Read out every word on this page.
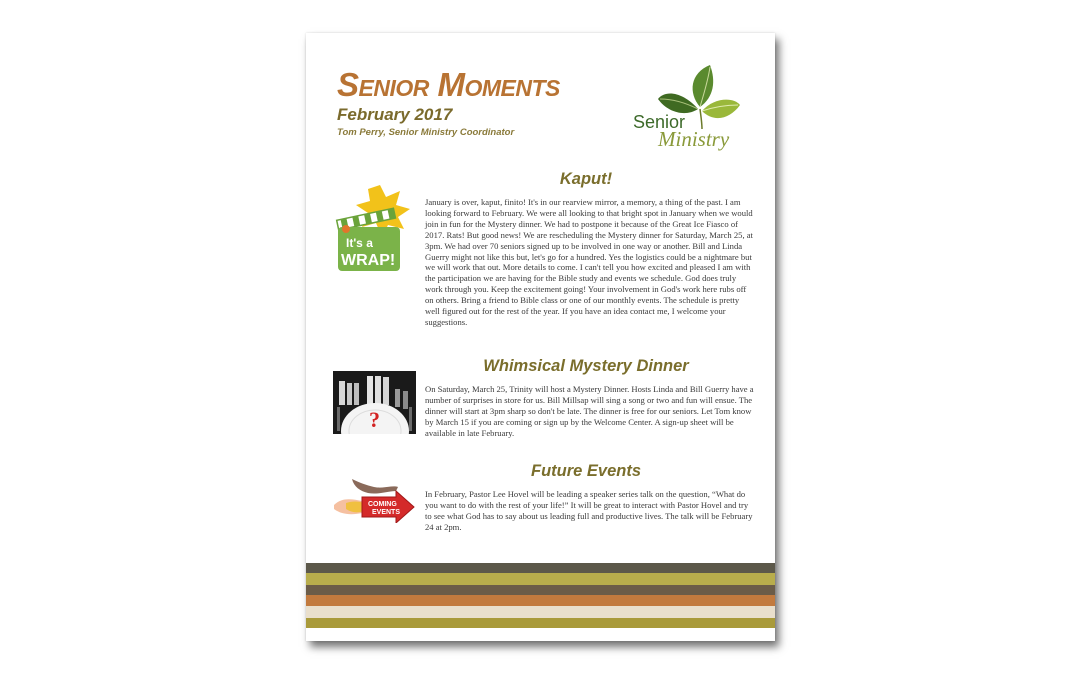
Senior Moments
February 2017
Tom Perry, Senior Ministry Coordinator
Senior
Ministry
Kaput!
It's a
WRAP!
January is over, kaput, finito! It's in our rearview mirror, a memory, a thing of the past. I am looking forward to February. We were all looking to that bright spot in January when we would join in fun for the Mystery dinner. We had to postpone it because of the Great Ice Fiasco of 2017. Rats! But good news! We are rescheduling the Mystery dinner for Saturday, March 25, at 3pm. We had over 70 seniors signed up to be involved in one way or another. Bill and Linda Guerry might not like this but, let's go for a hundred. Yes the logistics could be a nightmare but we will work that out. More details to come. I can't tell you how excited and pleased I am with the participation we are having for the Bible study and events we schedule. God does truly work through you. Keep the excitement going! Your involvement in God's work here rubs off on others. Bring a friend to Bible class or one of our monthly events. The schedule is pretty well figured out for the rest of the year. If you have an idea contact me, I welcome your suggestions.
Whimsical Mystery Dinner
?
On Saturday, March 25, Trinity will host a Mystery Dinner. Hosts Linda and Bill Guerry have a number of surprises in store for us. Bill Millsap will sing a song or two and fun will ensue. The dinner will start at 3pm sharp so don't be late. The dinner is free for our seniors. Let Tom know by March 15 if you are coming or sign up by the Welcome Center. A sign-up sheet will be available in late February.
Future Events
COMING
EVENTS
In February, Pastor Lee Hovel will be leading a speaker series talk on the question, “What do you want to do with the rest of your life!” It will be great to interact with Pastor Hovel and try to see what God has to say about us leading full and productive lives. The talk will be February 24 at 2pm.
